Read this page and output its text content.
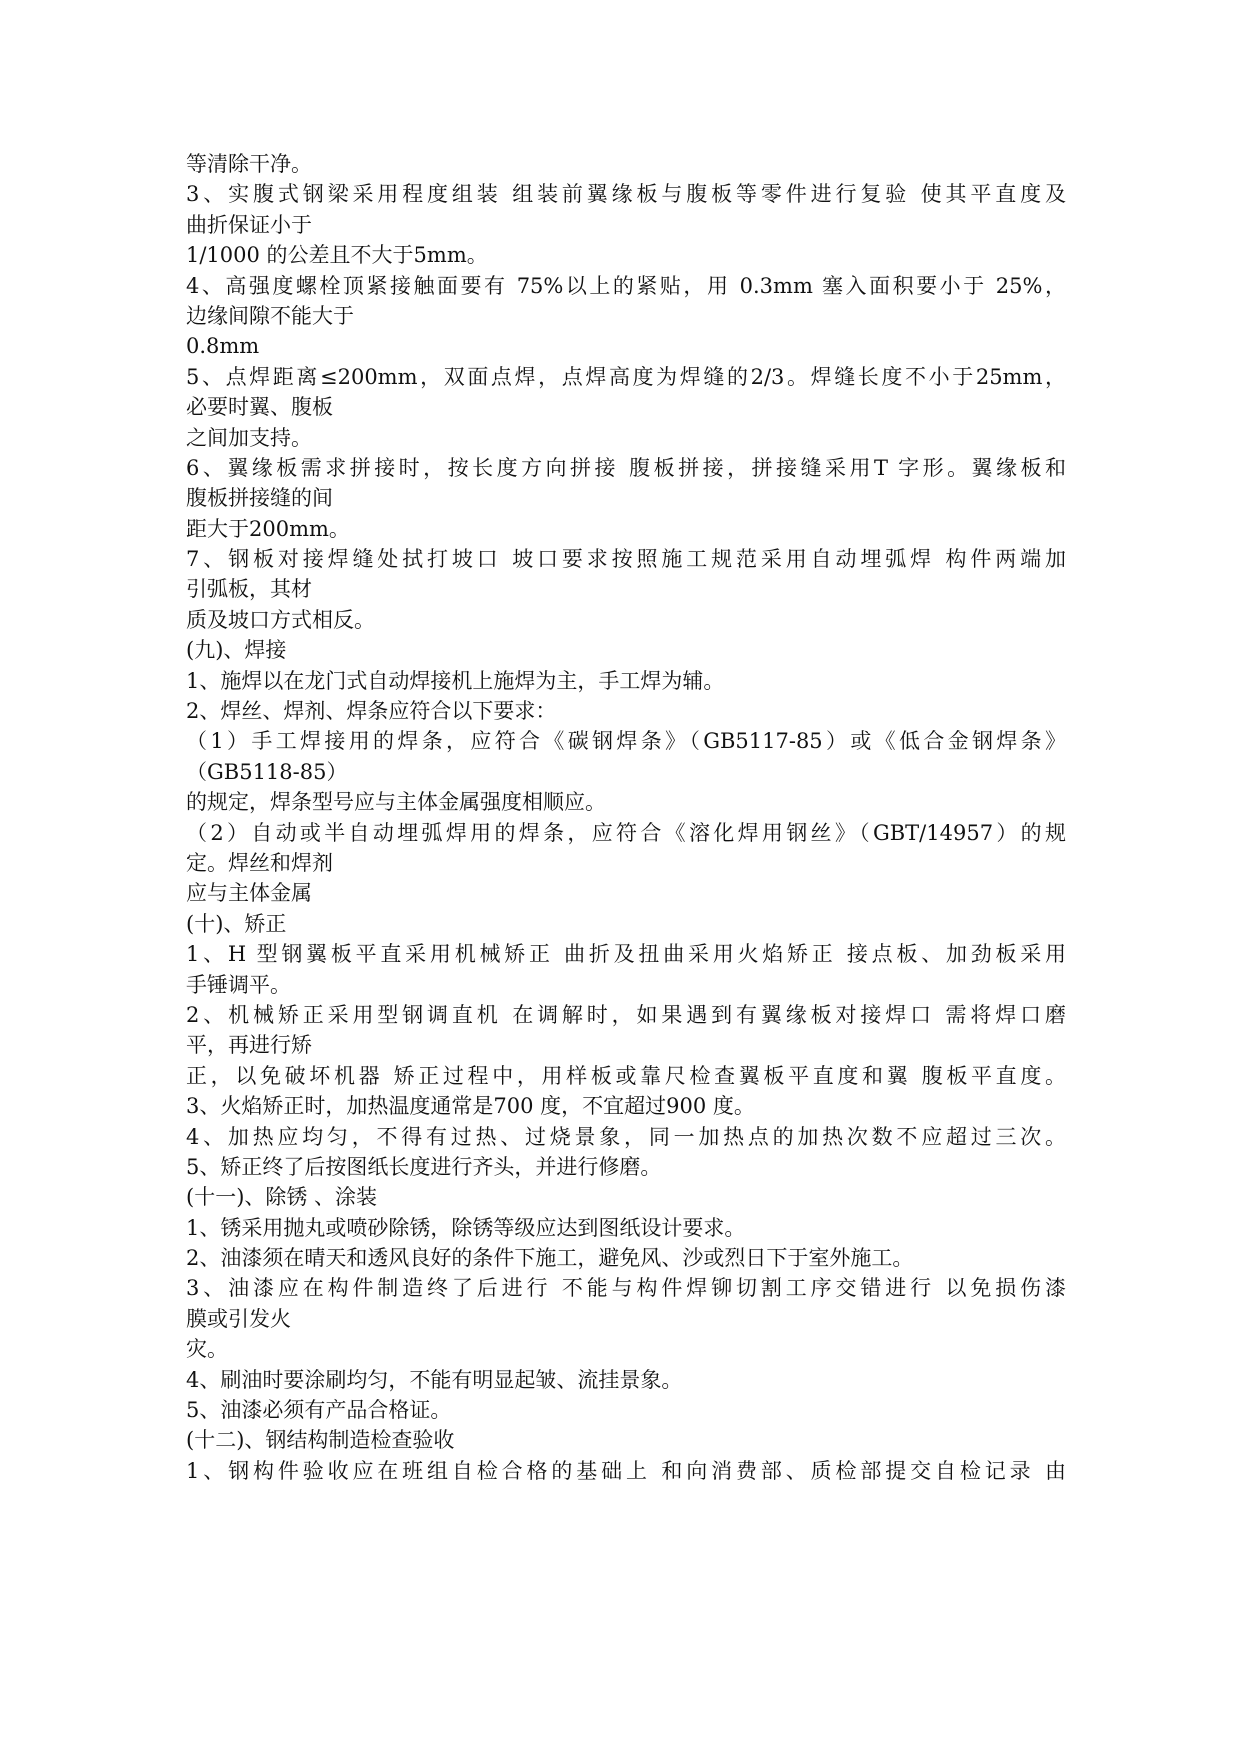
等清除干净。
3、实腹式钢梁采用程度组装 组装前翼缘板与腹板等零件进行复验 使其平直度及
曲折保证小于
1/1000 的公差且不大于5mm。
4、高强度螺栓顶紧接触面要有 75%以上的紧贴，用 0.3mm 塞入面积要小于 25%，
边缘间隙不能大于
0.8mm
5、点焊距离≤200mm，双面点焊，点焊高度为焊缝的2/3。焊缝长度不小于25mm，
必要时翼、腹板
之间加支持。
6、翼缘板需求拼接时，按长度方向拼接 腹板拼接，拼接缝采用T 字形。翼缘板和
腹板拼接缝的间
距大于200mm。
7、钢板对接焊缝处拭打坡口 坡口要求按照施工规范采用自动埋弧焊 构件两端加
引弧板，其材
质及坡口方式相反。
(九)、焊接
1、施焊以在龙门式自动焊接机上施焊为主，手工焊为辅。
2、焊丝、焊剂、焊条应符合以下要求：
（1）手工焊接用的焊条，应符合《碳钢焊条》（GB5117-85）或《低合金钢焊条》
（GB5118-85）
的规定，焊条型号应与主体金属强度相顺应。
（2）自动或半自动埋弧焊用的焊条，应符合《溶化焊用钢丝》（GBT/14957）的规
定。焊丝和焊剂
应与主体金属
(十)、矫正
1、H 型钢翼板平直采用机械矫正 曲折及扭曲采用火焰矫正 接点板、加劲板采用
手锤调平。
2、机械矫正采用型钢调直机 在调解时，如果遇到有翼缘板对接焊口 需将焊口磨
平，再进行矫
正，以免破坏机器 矫正过程中，用样板或靠尺检查翼板平直度和翼 腹板平直度。
3、火焰矫正时，加热温度通常是700 度，不宜超过900 度。
4、加热应均匀，不得有过热、过烧景象，同一加热点的加热次数不应超过三次。
5、矫正终了后按图纸长度进行齐头，并进行修磨。
(十一)、除锈 、涂装
1、锈采用抛丸或喷砂除锈，除锈等级应达到图纸设计要求。
2、油漆须在晴天和透风良好的条件下施工，避免风、沙或烈日下于室外施工。
3、油漆应在构件制造终了后进行 不能与构件焊铆切割工序交错进行 以免损伤漆
膜或引发火
灾。
4、刷油时要涂刷均匀，不能有明显起皱、流挂景象。
5、油漆必须有产品合格证。
(十二)、钢结构制造检查验收
1、钢构件验收应在班组自检合格的基础上 和向消费部、质检部提交自检记录 由
